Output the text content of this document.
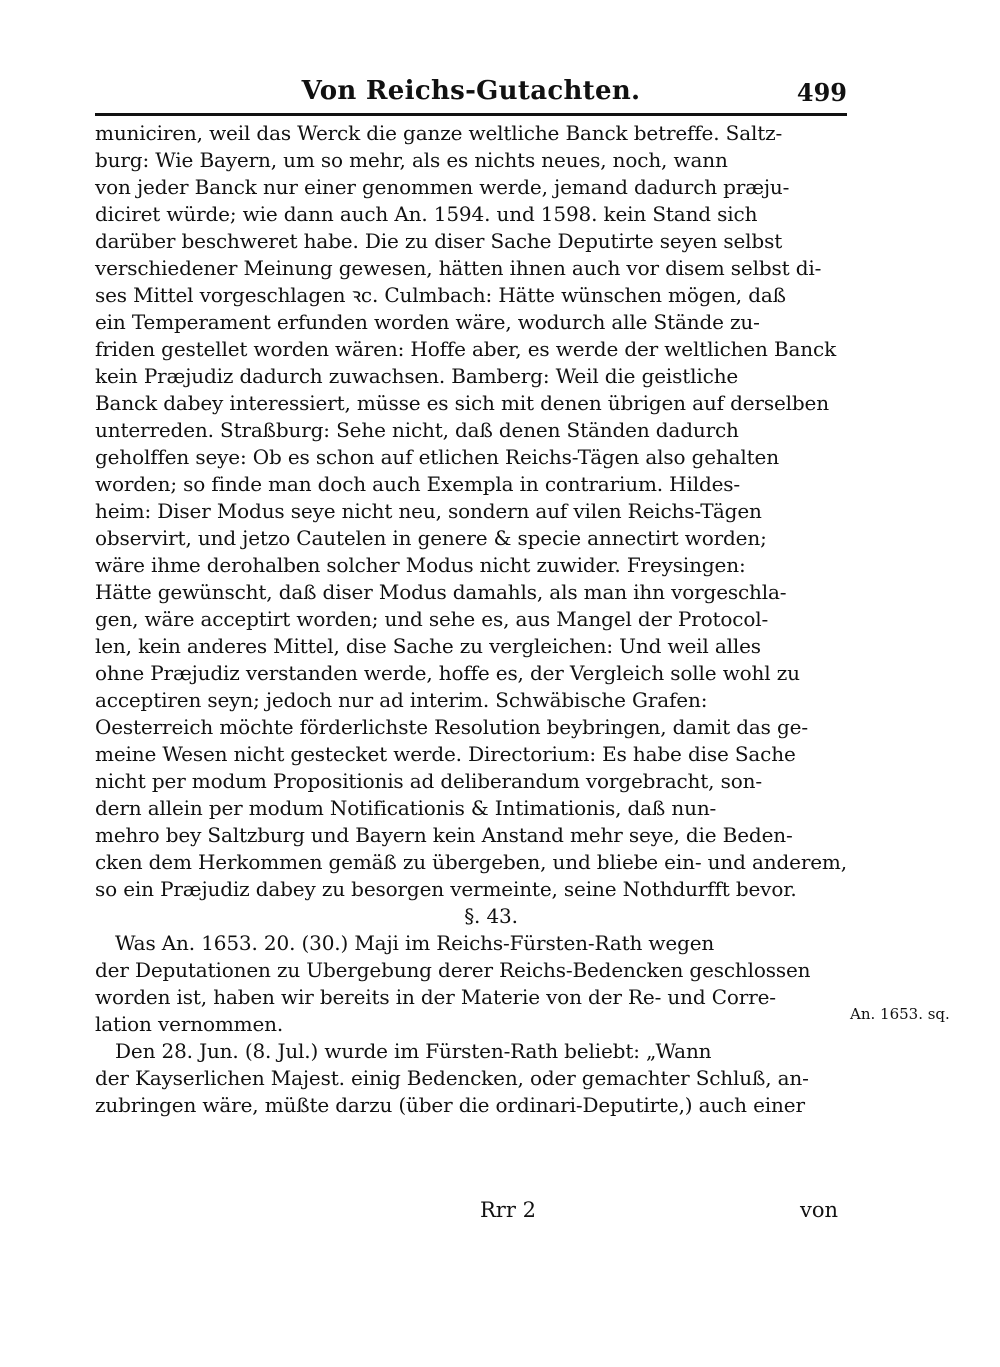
Von Reichs-Gutachten.	499
municiren, weil das Werck die ganze weltliche Banck betreffe. Saltz-
burg: Wie Bayern, um so mehr, als es nichts neues, noch, wann
von jeder Banck nur einer genommen werde, jemand dadurch præju-
diciret würde; wie dann auch An. 1594. und 1598. kein Stand sich
darüber beschweret habe. Die zu diser Sache Deputirte seyen selbst
verschiedener Meinung gewesen, hätten ihnen auch vor disem selbst di-
ses Mittel vorgeschlagen ꝛc. Culmbach: Hätte wünschen mögen, daß
ein Temperament erfunden worden wäre, wodurch alle Stände zu-
friden gestellet worden wären: Hoffe aber, es werde der weltlichen Banck
kein Præjudiz dadurch zuwachsen. Bamberg: Weil die geistliche
Banck dabey interessiert, müsse es sich mit denen übrigen auf derselben
unterreden. Straßburg: Sehe nicht, daß denen Ständen dadurch
geholffen seye: Ob es schon auf etlichen Reichs-Tägen also gehalten
worden; so finde man doch auch Exempla in contrarium. Hildes-
heim: Diser Modus seye nicht neu, sondern auf vilen Reichs-Tägen
observirt, und jetzo Cautelen in genere & specie annectirt worden;
wäre ihme derohalben solcher Modus nicht zuwider. Freysingen:
Hätte gewünscht, daß diser Modus damahls, als man ihn vorgeschla-
gen, wäre acceptirt worden; und sehe es, aus Mangel der Protocol-
len, kein anderes Mittel, dise Sache zu vergleichen: Und weil alles
ohne Præjudiz verstanden werde, hoffe es, der Vergleich solle wohl zu
acceptiren seyn; jedoch nur ad interim. Schwäbische Grafen:
Oesterreich möchte förderlichste Resolution beybringen, damit das ge-
meine Wesen nicht gestecket werde. Directorium: Es habe dise Sache
nicht per modum Propositionis ad deliberandum vorgebracht, son-
dern allein per modum Notificationis & Intimationis, daß nun-
mehro bey Saltzburg und Bayern kein Anstand mehr seye, die Beden-
cken dem Herkommen gemäß zu übergeben, und bliebe ein- und anderem,
so ein Præjudiz dabey zu besorgen vermeinte, seine Nothdurfft bevor.
§. 43.
Was An. 1653. 20. (30.) Maji im Reichs-Fürsten-Rath wegen
der Deputationen zu Ubergebung derer Reichs-Bedencken geschlossen
worden ist, haben wir bereits in der Materie von der Re- und Corre-
lation vernommen.
Den 28. Jun. (8. Jul.) wurde im Fürsten-Rath beliebt: „Wann
der Kayserlichen Majest. einig Bedencken, oder gemachter Schluß, an-
zubringen wäre, müßte darzu (über die ordinari-Deputirte,) auch einer
An. 1653. sq.
Rrr 2	von
